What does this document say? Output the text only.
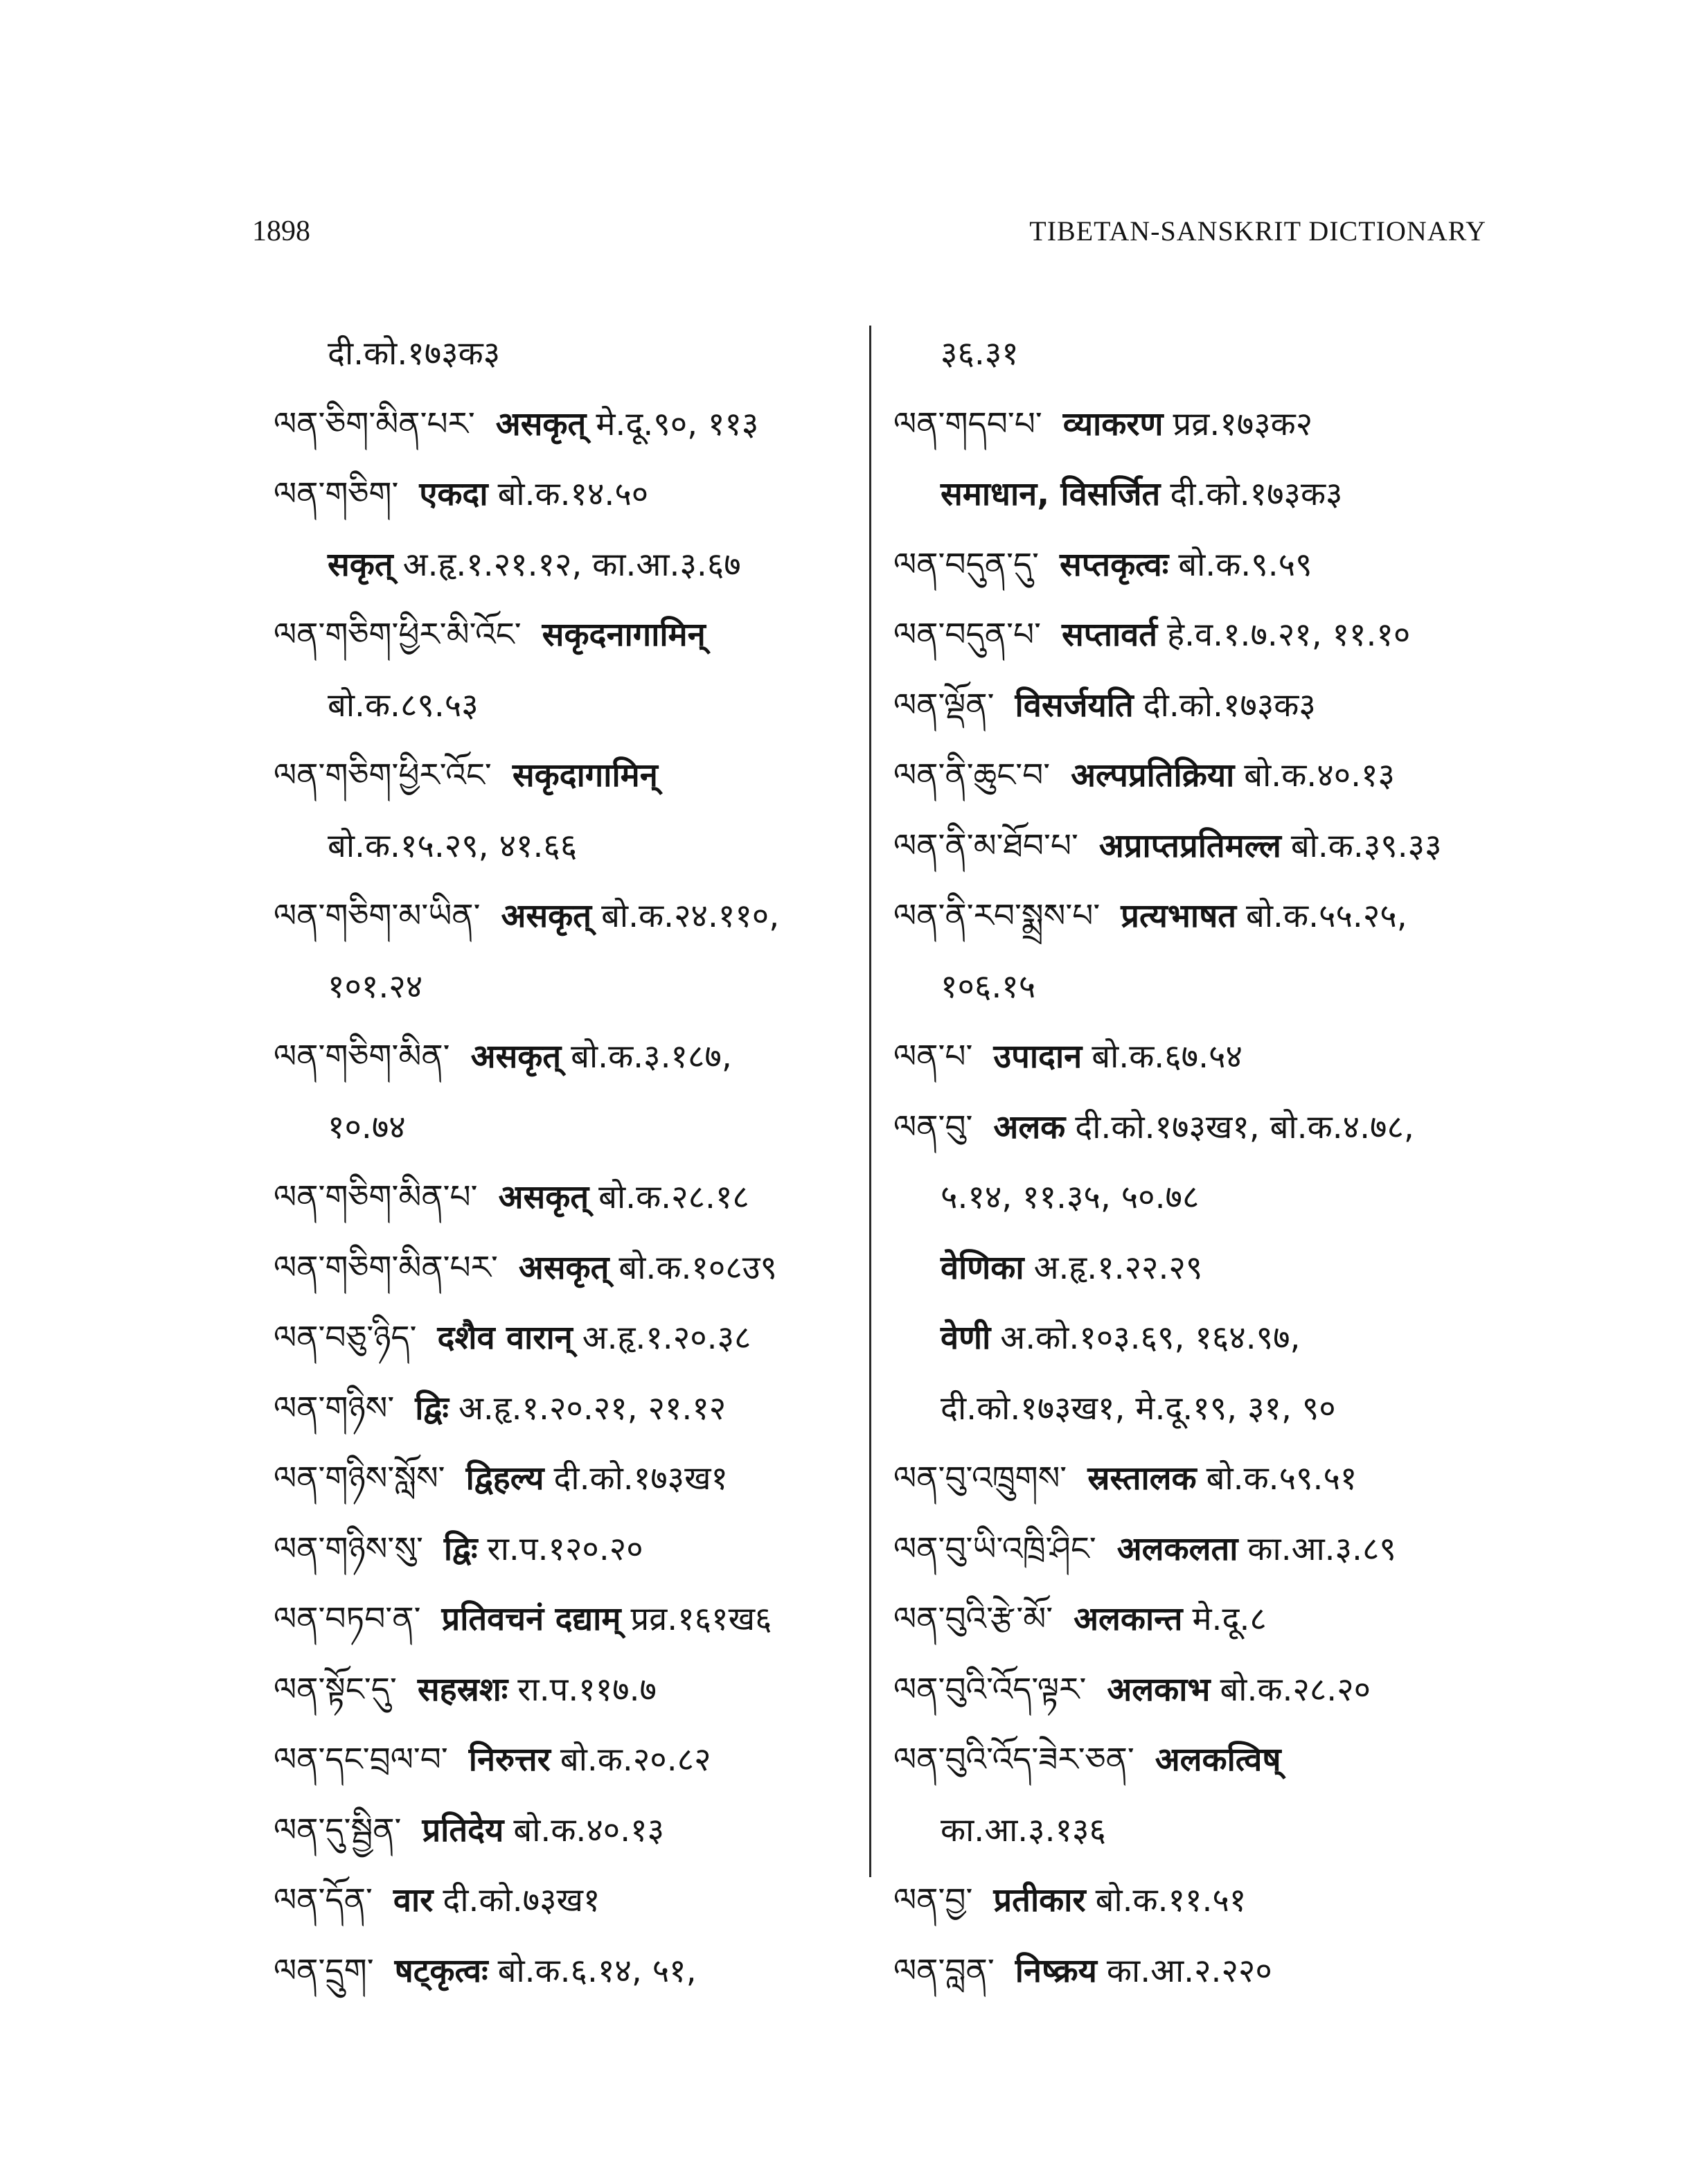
1898	TIBETAN-SANSKRIT DICTIONARY
दी.को.१७३क३
ལན་ཅིག་མིན་པར་ असकृत् मे.दू.९०, ११३
ལན་གཅིག་ एकदा बो.क.१४.५०
सकृत् अ.हृ.१.२१.१२, का.आ.३.६७
ལན་གཅིག་ཕྱིར་མི་འོང་ सकृदनागामिन्
बो.क.८९.५३
ལན་གཅིག་ཕྱིར་འོང་ सकृदागामिन्
बो.क.१५.२९, ४१.६६
ལན་གཅིག་མ་ཡིན་ असकृत् बो.क.२४.११०,
१०१.२४
ལན་གཅིག་མིན་ असकृत् बो.क.३.१८७,
१०.७४
ལན་གཅིག་མིན་པ་ असकृत् बो.क.२८.१८
ལན་གཅིག་མིན་པར་ असकृत् बो.क.१०८उ९
ལན་བཅུ་ཉིད་ दशैव वारान् अ.हृ.१.२०.३८
ལན་གཉིས་ द्विः अ.हृ.१.२०.२१, २१.१२
ལན་གཉིས་སློས་ द्विहल्य दी.को.१७३ख१
ལན་གཉིས་སུ་ द्विः रा.प.१२०.२०
ལན་བཏབ་ན་ प्रतिवचनं दद्याम् प्रव्र.१६१ख६
ལན་སྟོང་དུ་ सहस्रशः रा.प.११७.७
ལན་དང་བྲལ་བ་ निरुत्तर बो.क.२०.८२
ལན་དུ་སྦྱིན་ प्रतिदेय बो.क.४०.१३
ལན་དོན་ वार दी.को.७३ख१
ལན་དྲུག་ षट्कृत्वः बो.क.६.१४, ५१,
३६.३१
ལན་གདབ་པ་ व्याकरण प्रव्र.१७३क२
समाधान, विसर्जित दी.को.१७३क३
ལན་བདུན་དུ་ सप्तकृत्वः बो.क.९.५९
ལན་བདུན་པ་ सप्तावर्त हे.व.१.७.२१, ११.१०
ལན་ལྡོན་ विसर्जयति दी.को.१७३क३
ལན་ནི་ཆུང་བ་ अल्पप्रतिक्रिया बो.क.४०.१३
ལན་ནི་མ་ཐོབ་པ་ अप्राप्तप्रतिमल्ल बो.क.३९.३३
ལན་ནི་རབ་སྨྲས་པ་ प्रत्यभाषत बो.क.५५.२५,
१०६.१५
ལན་པ་ उपादान बो.क.६७.५४
ལན་བུ་ अलक दी.को.१७३ख१, बो.क.४.७८,
५.१४, ११.३५, ५०.७८
वेणिका अ.हृ.१.२२.२९
वेणी अ.को.१०३.६९, १६४.९७,
दी.को.१७३ख१, मे.दू.१९, ३१, ९०
ལན་བུ་འཁྲུགས་ स्रस्तालक बो.क.५९.५१
ལན་བུ་ཡི་འཁྲི་ཤིང་ अलकलता का.आ.३.८९
ལན་བུའི་རྩེ་མོ་ अलकान्त मे.दू.८
ལན་བུའི་འོད་ལྟར་ अलकाभ बो.क.२८.२०
ལན་བུའི་འོད་ཟེར་ཅན་ अलकत्विष्
का.आ.३.१३६
ལན་བྱ་ प्रतीकार बो.क.११.५१
ལན་བླན་ निष्क्रय का.आ.२.२२०
